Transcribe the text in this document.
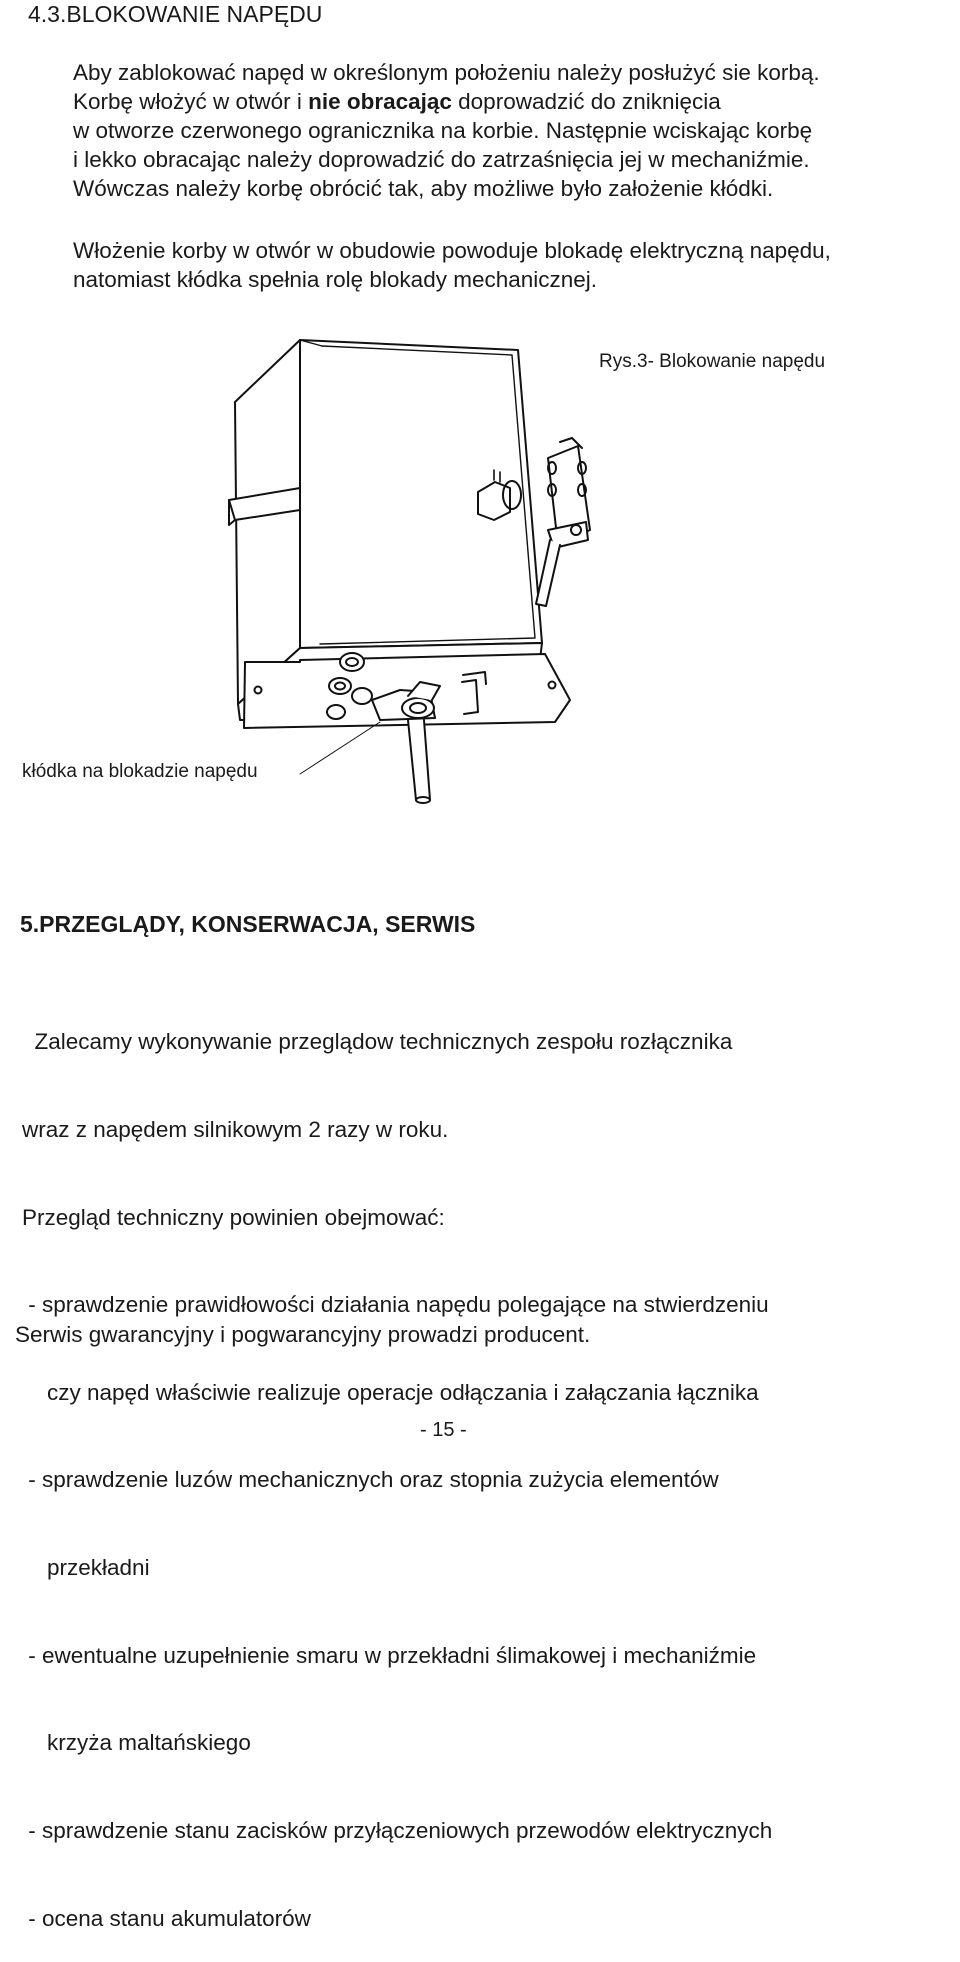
4.3.BLOKOWANIE NAPĘDU
Aby zablokować napęd w określonym położeniu należy posłużyć sie korbą.
Korbę włożyć w otwór i nie obracając doprowadzić do zniknięcia
w otworze czerwonego ogranicznika na korbie. Następnie wciskając korbę
i lekko obracając należy doprowadzić do zatrzaśnięcia jej w mechaniźmie.
Wówczas należy korbę obrócić tak, aby możliwe było założenie kłódki.
Włożenie korby w otwór w obudowie powoduje blokadę elektryczną napędu,
natomiast kłódka spełnia rolę blokady mechanicznej.
Rys.3- Blokowanie napędu
kłódka na blokadzie napędu
5.PRZEGLĄDY, KONSERWACJA, SERWIS

Zalecamy wykonywanie przeglądow technicznych zespołu rozłącznika

wraz z napędem silnikowym 2 razy w roku.

Przegląd techniczny powinien obejmować:

- sprawdzenie prawidłowości działania napędu polegające na stwierdzeniu

czy napęd właściwie realizuje operacje odłączania i załączania łącznika

- sprawdzenie luzów mechanicznych oraz stopnia zużycia elementów

przekładni

- ewentualne uzupełnienie smaru w przekładni ślimakowej i mechaniźmie

krzyża maltańskiego

- sprawdzenie stanu zacisków przyłączeniowych przewodów elektrycznych

- ocena stanu akumulatorów

Serwis gwarancyjny i pogwarancyjny prowadzi producent.
- 15 -
